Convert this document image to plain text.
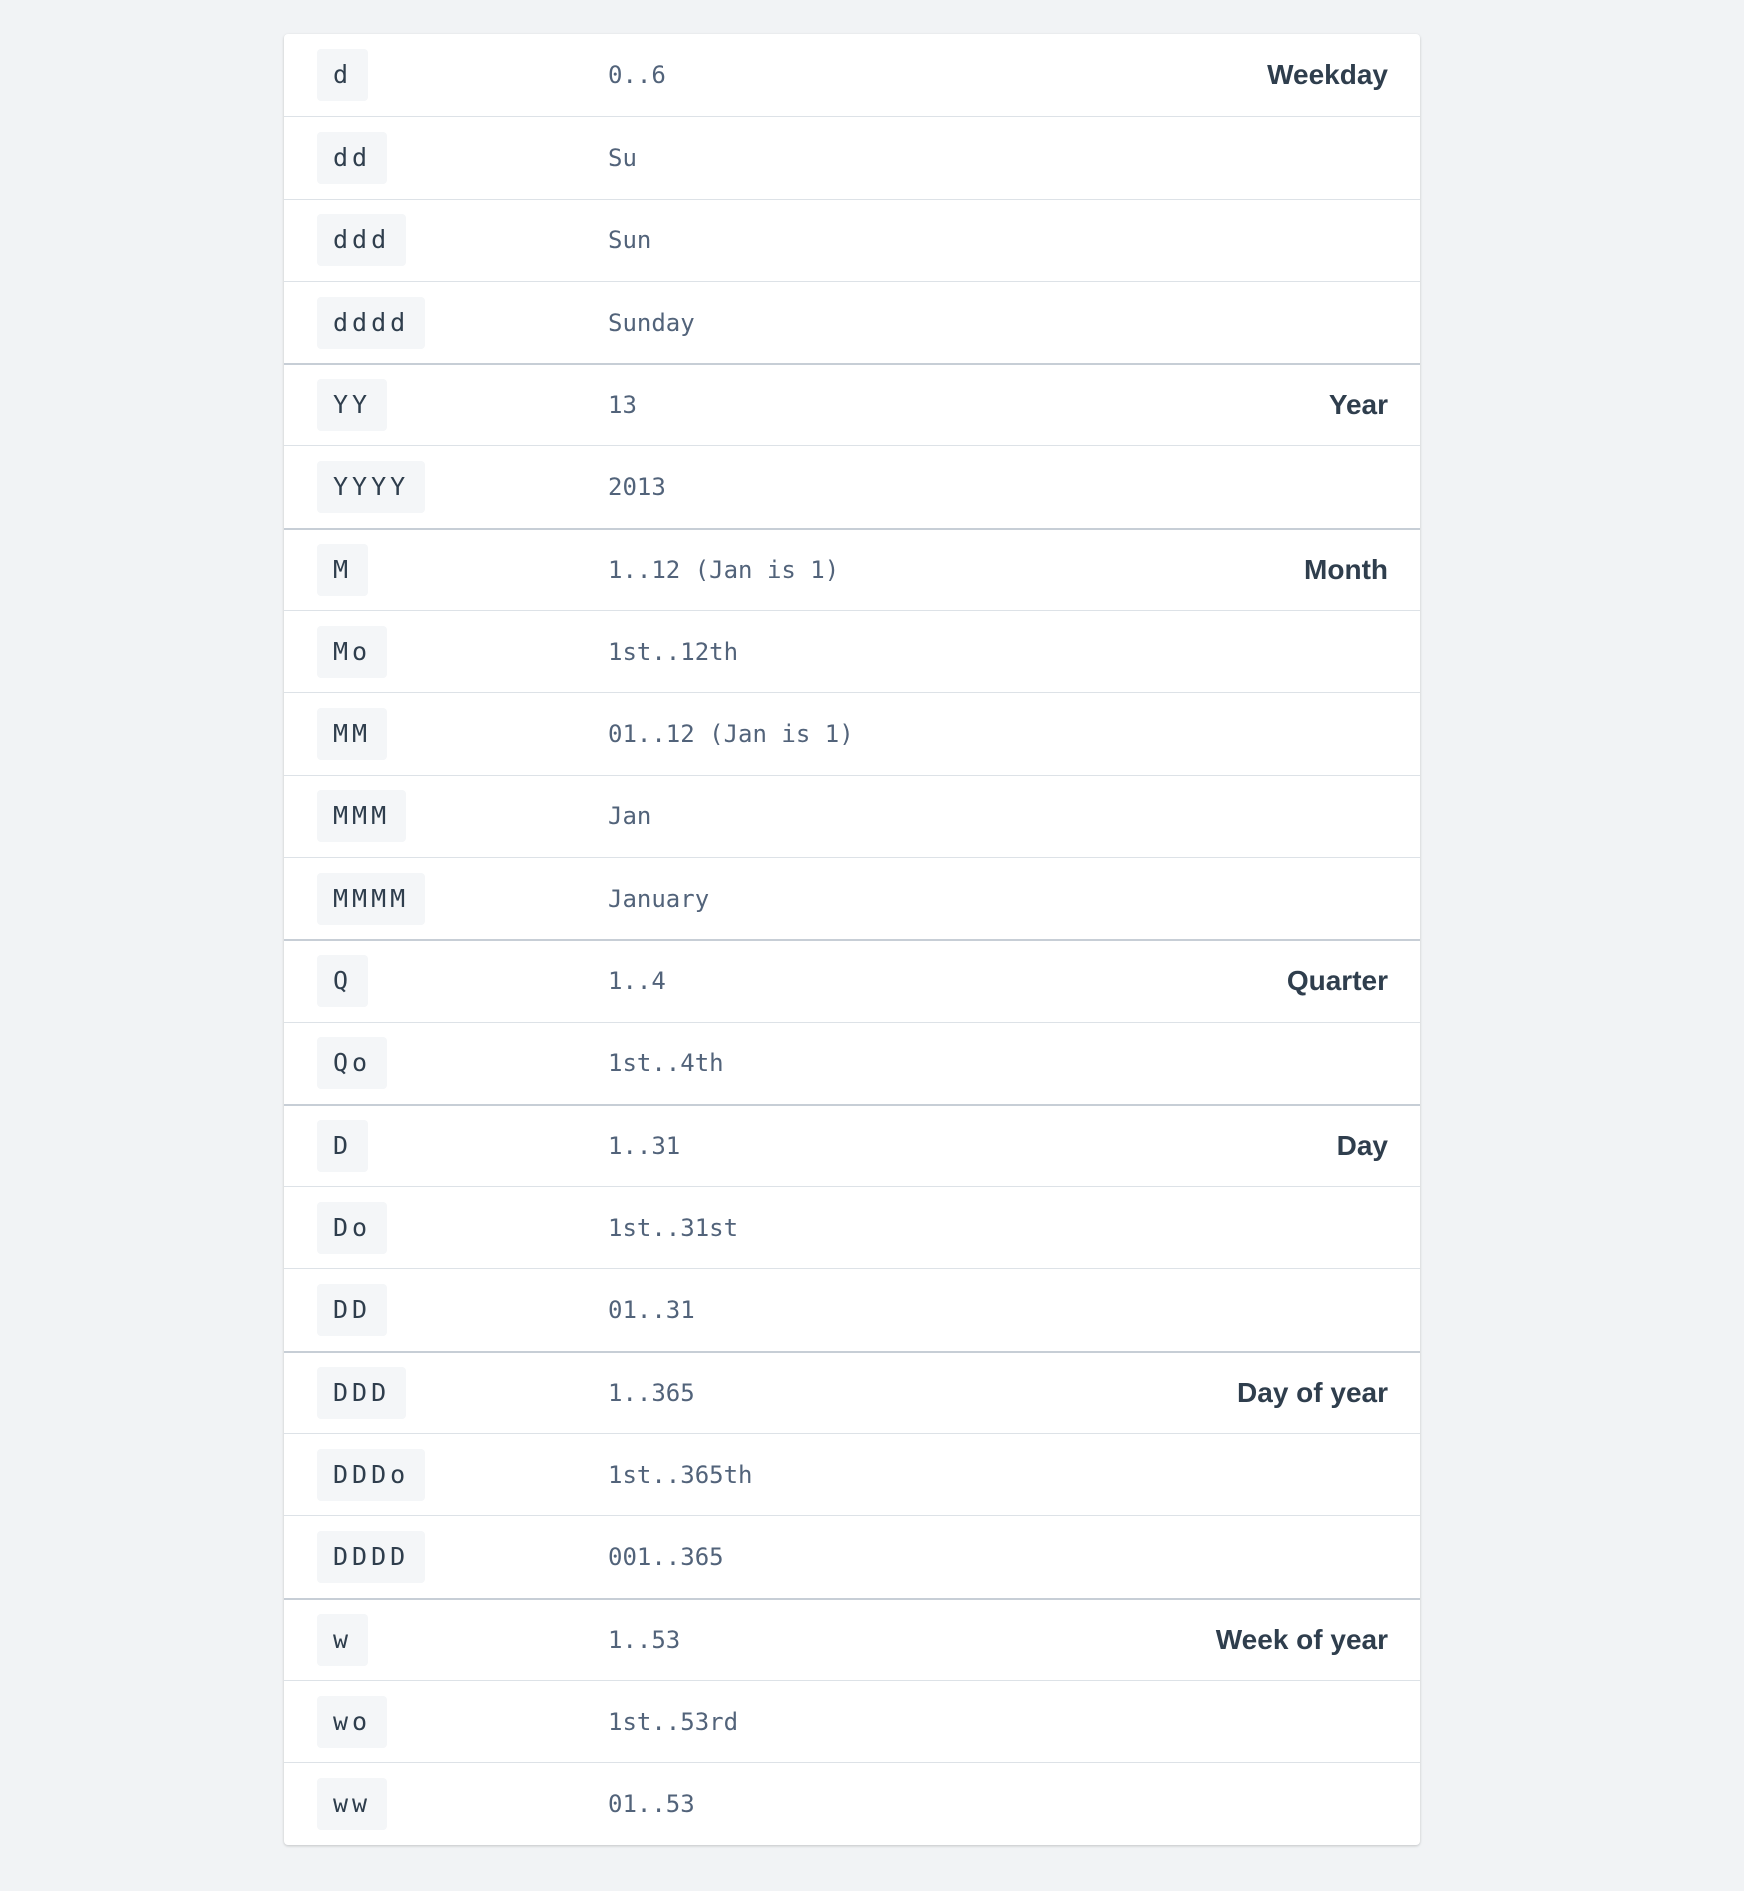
d	0..6	Weekday
dd	Su
ddd	Sun
dddd	Sunday
YY	13	Year
YYYY	2013
M	1..12 (Jan is 1)	Month
Mo	1st..12th
MM	01..12 (Jan is 1)
MMM	Jan
MMMM	January
Q	1..4	Quarter
Qo	1st..4th
D	1..31	Day
Do	1st..31st
DD	01..31
DDD	1..365	Day of year
DDDo	1st..365th
DDDD	001..365
w	1..53	Week of year
wo	1st..53rd
ww	01..53
